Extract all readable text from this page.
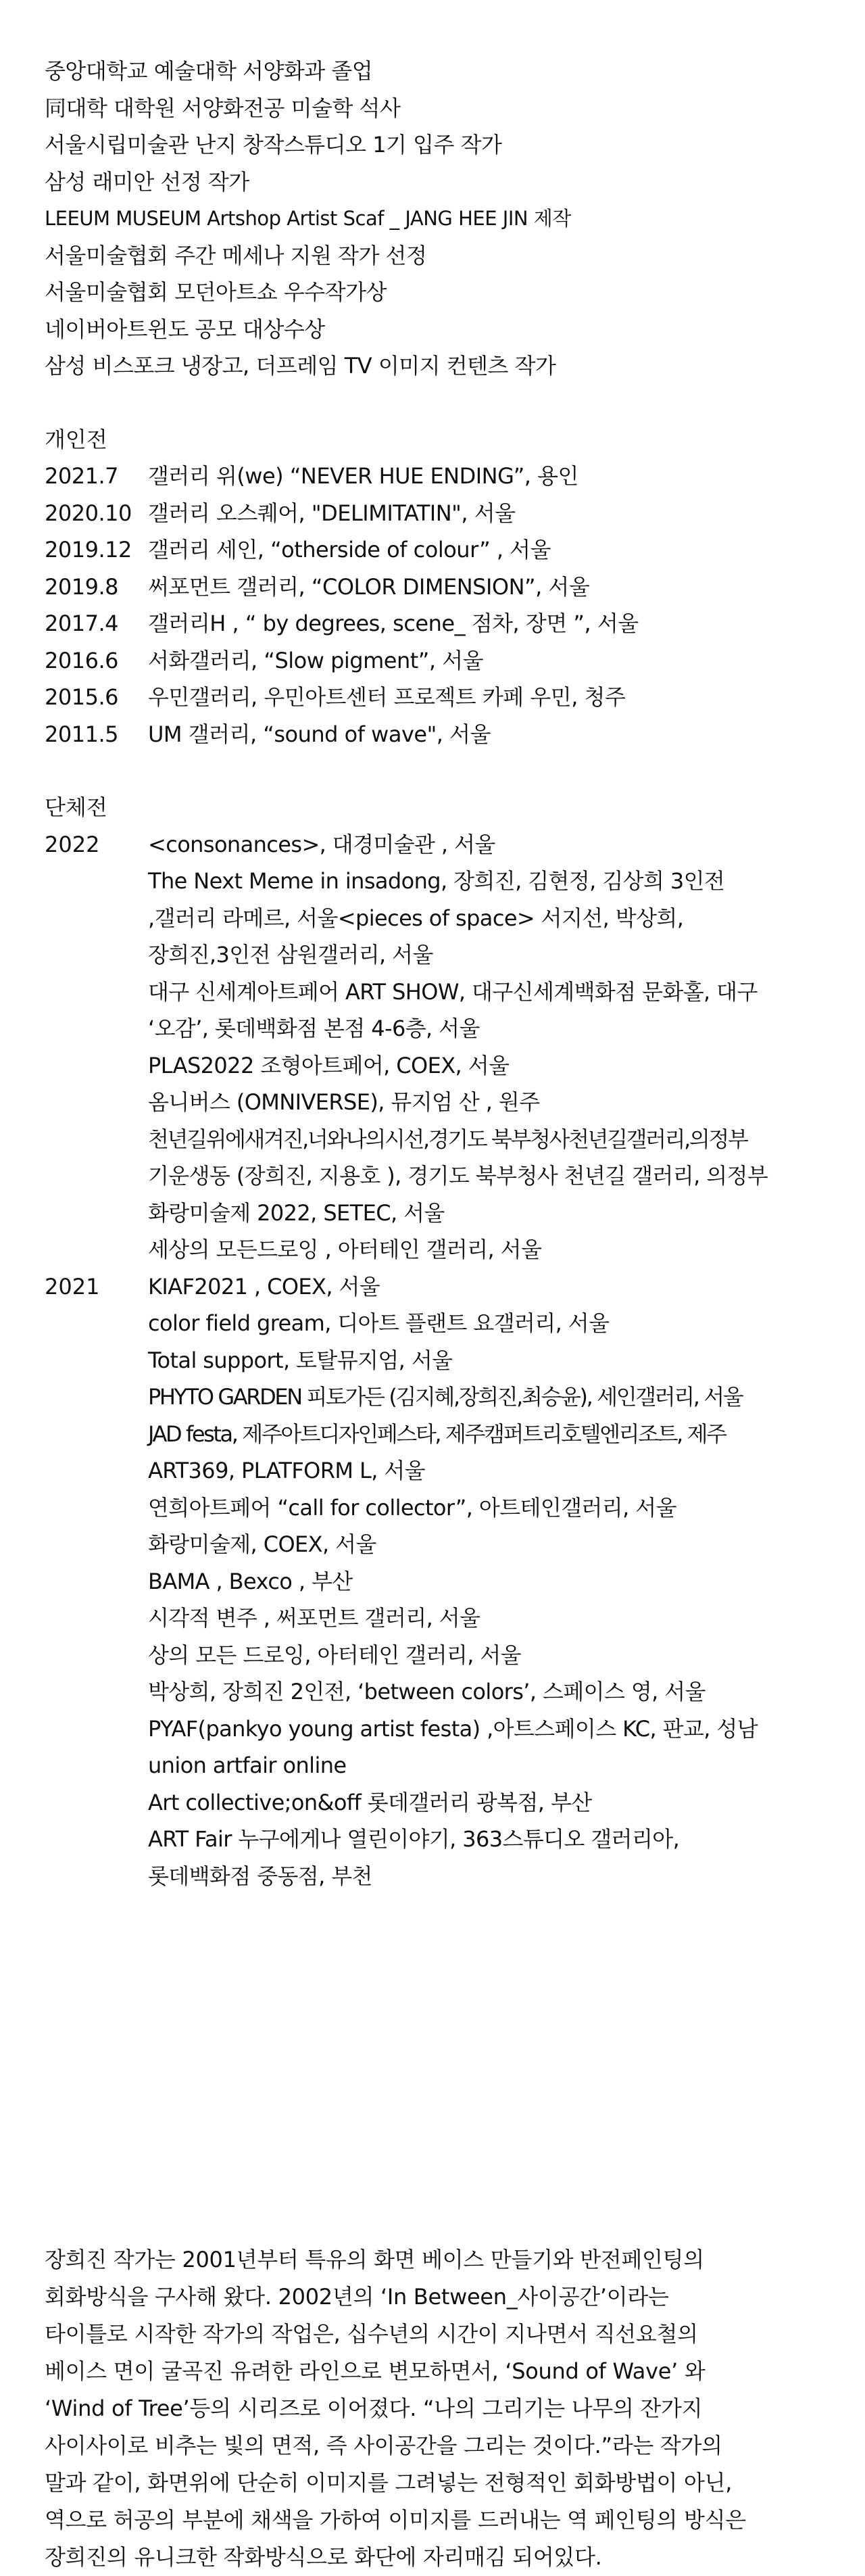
중앙대학교 예술대학 서양화과 졸업
同대학 대학원 서양화전공 미술학 석사
서울시립미술관 난지 창작스튜디오 1기 입주 작가
삼성 래미안 선정 작가
LEEUM MUSEUM Artshop Artist Scaf _ JANG HEE JIN 제작
서울미술협회 주간 메세나 지원 작가 선정
서울미술협회 모던아트쇼 우수작가상
네이버아트윈도 공모 대상수상
삼성 비스포크 냉장고, 더프레임 TV 이미지 컨텐츠 작가
개인전
2021.7	갤러리 위(we) “NEVER HUE ENDING”, 용인
2020.10 갤러리 오스퀘어, "DELIMITATIN", 서울
2019.12 갤러리 세인, “otherside of colour” , 서울
2019.8	써포먼트 갤러리, “COLOR DIMENSION”, 서울
2017.4	갤러리H , “ by degrees, scene_ 점차, 장면 ”, 서울
2016.6	서화갤러리, “Slow pigment”, 서울
2015.6	우민갤러리, 우민아트센터 프로젝트 카페 우민, 청주
2011.5	UM 갤러리, “sound of wave", 서울
단체전
2022	<consonances>, 대경미술관 , 서울
The Next Meme in insadong, 장희진, 김현정, 김상희 3인전
,갤러리 라메르, 서울<pieces of space> 서지선, 박상희,
장희진,3인전 삼원갤러리, 서울
대구 신세계아트페어 ART SHOW, 대구신세계백화점 문화홀, 대구
‘오감’, 롯데백화점 본점 4-6층, 서울
PLAS2022 조형아트페어, COEX, 서울
옴니버스 (OMNIVERSE), 뮤지엄 산 , 원주
천년길위에새겨진,너와나의시선,경기도 북부청사천년길갤러리,의정부
기운생동 (장희진, 지용호 ), 경기도 북부청사 천년길 갤러리, 의정부
화랑미술제 2022, SETEC, 서울
세상의 모든드로잉 , 아터테인 갤러리, 서울
2021	KIAF2021 , COEX, 서울
color field gream, 디아트 플랜트 요갤러리, 서울
Total support, 토탈뮤지엄, 서울
PHYTO GARDEN 피토가든 (김지혜,장희진,최승윤), 세인갤러리, 서울
JAD festa, 제주아트디자인페스타, 제주캠퍼트리호텔엔리조트, 제주
ART369, PLATFORM L, 서울
연희아트페어 “call for collector”, 아트테인갤러리, 서울
화랑미술제, COEX, 서울
BAMA , Bexco , 부산
시각적 변주 , 써포먼트 갤러리, 서울
상의 모든 드로잉, 아터테인 갤러리, 서울
박상희, 장희진 2인전, ‘between colors’, 스페이스 영, 서울
PYAF(pankyo young artist festa) ,아트스페이스 KC, 판교, 성남
union artfair online
Art collective;on&off 롯데갤러리 광복점, 부산
ART Fair 누구에게나 열린이야기, 363스튜디오 갤러리아,
롯데백화점 중동점, 부천
장희진 작가는 2001년부터 특유의 화면 베이스 만들기와 반전페인팅의
회화방식을 구사해 왔다. 2002년의 ‘In Between_사이공간’이라는
타이틀로 시작한 작가의 작업은, 십수년의 시간이 지나면서 직선요철의
베이스 면이 굴곡진 유려한 라인으로 변모하면서, ‘Sound of Wave’ 와
‘Wind of Tree’등의 시리즈로 이어졌다. “나의 그리기는 나무의 잔가지
사이사이로 비추는 빛의 면적, 즉 사이공간을 그리는 것이다.”라는 작가의
말과 같이, 화면위에 단순히 이미지를 그려넣는 전형적인 회화방법이 아닌,
역으로 허공의 부분에 채색을 가하여 이미지를 드러내는 역 페인팅의 방식은
장희진의 유니크한 작화방식으로 화단에 자리매김 되어있다.
